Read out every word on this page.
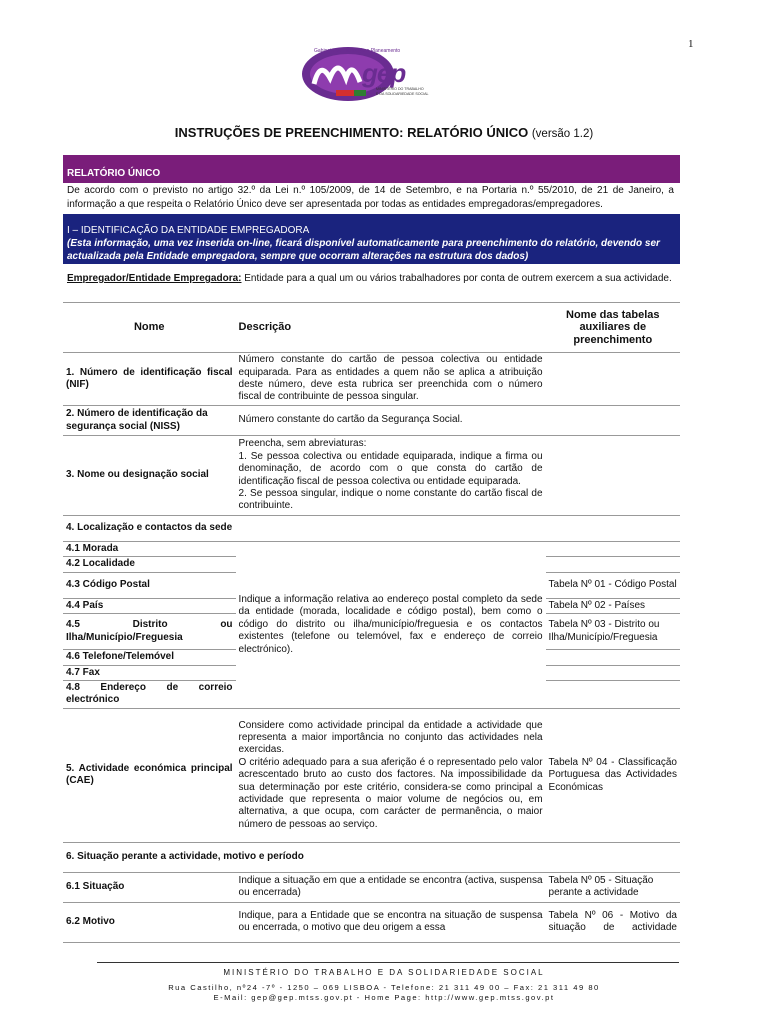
1
Gabinete de Estratégia e Planeamento
gep
MINISTÉRIO DO TRABALHO
E DA SOLIDARIEDADE SOCIAL
INSTRUÇÕES DE PREENCHIMENTO: RELATÓRIO ÚNICO (versão 1.2)
RELATÓRIO ÚNICO
De acordo com o previsto no artigo 32.º da Lei n.º 105/2009, de 14 de Setembro, e na Portaria n.º 55/2010, de 21 de Janeiro, a informação a que respeita o Relatório Único deve ser apresentada por todas as entidades empregadoras/empregadores.
I – IDENTIFICAÇÃO DA ENTIDADE EMPREGADORA
(Esta informação, uma vez inserida on-line, ficará disponível automaticamente para preenchimento do relatório, devendo ser actualizada pela Entidade empregadora, sempre que ocorram alterações na estrutura dos dados)
Empregador/Entidade Empregadora: Entidade para a qual um ou vários trabalhadores por conta de outrem exercem a sua actividade.
Nome	Descrição	Nome das tabelas auxiliares de preenchimento
1. Número de identificação fiscal (NIF)	Número constante do cartão de pessoa colectiva ou entidade equiparada. Para as entidades a quem não se aplica a atribuição deste número, deve esta rubrica ser preenchida com o número fiscal de contribuinte de pessoa singular.	
2. Número de identificação da segurança social (NISS)	Número constante do cartão da Segurança Social.	
3. Nome ou designação social	Preencha, sem abreviaturas:
1. Se pessoa colectiva ou entidade equiparada, indique a firma ou denominação, de acordo com o que consta do cartão de identificação fiscal de pessoa colectiva ou entidade equiparada.
2. Se pessoa singular, indique o nome constante do cartão fiscal de contribuinte.	

4. Localização e contactos da sede		
4.1 Morada	Indique a informação relativa ao endereço postal completo da sede da entidade (morada, localidade e código postal), bem como o código do distrito ou ilha/município/freguesia e os contactos existentes (telefone ou telemóvel, fax e endereço de correio electrónico).	
4.2 Localidade		
4.3 Código Postal		Tabela Nº 01 - Código Postal
4.4 País		Tabela Nº 02 - Países
4.5 Distrito ou Ilha/Município/Freguesia		Tabela Nº 03 - Distrito ou Ilha/Município/Freguesia
4.6 Telefone/Telemóvel		
4.7 Fax		
4.8 Endereço de correio electrónico		
5. Actividade económica principal (CAE)	Considere como actividade principal da entidade a actividade que representa a maior importância no conjunto das actividades nela exercidas.
O critério adequado para a sua aferição é o representado pelo valor acrescentado bruto ao custo dos factores. Na impossibilidade da sua determinação por este critério, considera-se como principal a actividade que representa o maior volume de negócios ou, em alternativa, a que ocupa, com carácter de permanência, o maior número de pessoas ao serviço.	Tabela Nº 04 - Classificação Portuguesa das Actividades Económicas
6. Situação perante a actividade, motivo e período		
6.1 Situação	Indique a situação em que a entidade se encontra (activa, suspensa ou encerrada)	Tabela Nº 05 - Situação perante a actividade
6.2 Motivo	Indique, para a Entidade que se encontra na situação de suspensa ou encerrada, o motivo que deu origem a essa	Tabela Nº 06 - Motivo da situação de actividade
MINISTÉRIO DO TRABALHO E DA SOLIDARIEDADE SOCIAL
Rua Castilho, nº24 -7º - 1250 – 069 LISBOA - Telefone: 21 311 49 00 – Fax: 21 311 49 80
E-Mail: gep@gep.mtss.gov.pt - Home Page: http://www.gep.mtss.gov.pt
